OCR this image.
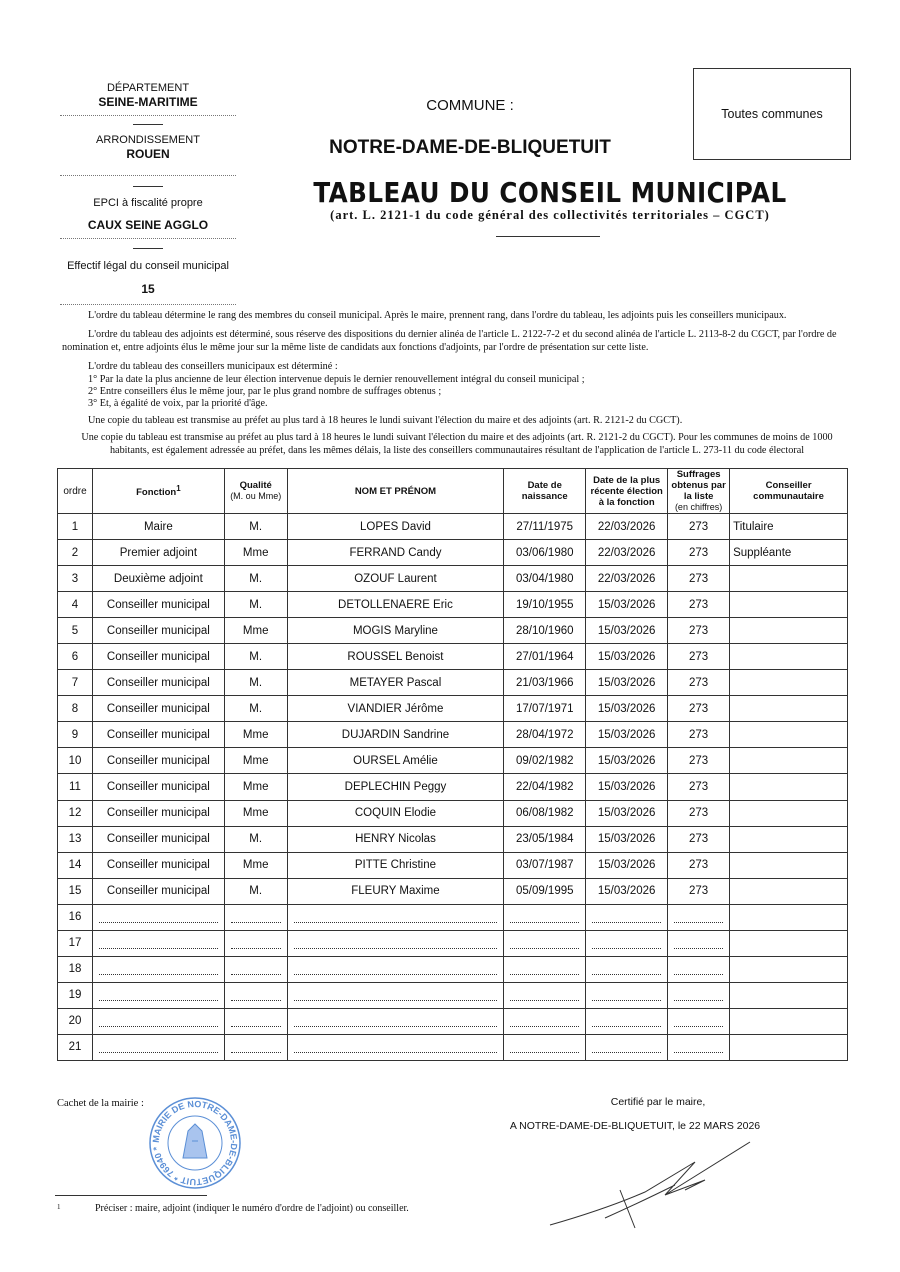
DÉPARTEMENT
SEINE-MARITIME
ARRONDISSEMENT
ROUEN
EPCI à fiscalité propre
CAUX SEINE AGGLO
Effectif légal du conseil municipal
15
COMMUNE :
NOTRE-DAME-DE-BLIQUETUIT
Toutes communes
TABLEAU DU CONSEIL MUNICIPAL
(art. L. 2121-1 du code général des collectivités territoriales – CGCT)
L'ordre du tableau détermine le rang des membres du conseil municipal. Après le maire, prennent rang, dans l'ordre du tableau, les adjoints puis les conseillers municipaux.
L'ordre du tableau des adjoints est déterminé, sous réserve des dispositions du dernier alinéa de l'article L. 2122-7-2 et du second alinéa de l'article L. 2113-8-2 du CGCT, par l'ordre de nomination et, entre adjoints élus le même jour sur la même liste de candidats aux fonctions d'adjoints, par l'ordre de présentation sur cette liste.
L'ordre du tableau des conseillers municipaux est déterminé :
1° Par la date la plus ancienne de leur élection intervenue depuis le dernier renouvellement intégral du conseil municipal ;
2° Entre conseillers élus le même jour, par le plus grand nombre de suffrages obtenus ;
3° Et, à égalité de voix, par la priorité d'âge.
Une copie du tableau est transmise au préfet au plus tard à 18 heures le lundi suivant l'élection du maire et des adjoints (art. R. 2121-2 du CGCT).
Une copie du tableau est transmise au préfet au plus tard à 18 heures le lundi suivant l'élection du maire et des adjoints (art. R. 2121-2 du CGCT). Pour les communes de moins de 1000 habitants, est également adressée au préfet, dans les mêmes délais, la liste des conseillers communautaires résultant de l'application de l'article L. 273-11 du code électoral
ordre	Fonction$^1$	Qualité
(M. ou Mme)	NOM ET PRÉNOM	Date de naissance	Date de la plus récente élection à la fonction	Suffrages obtenus par la liste
(en chiffres)	Conseiller communautaire
1	Maire	M.	LOPES David	27/11/1975	22/03/2026	273	Titulaire
2	Premier adjoint	Mme	FERRAND Candy	03/06/1980	22/03/2026	273	Suppléante
3	Deuxième adjoint	M.	OZOUF Laurent	03/04/1980	22/03/2026	273	
4	Conseiller municipal	M.	DETOLLENAERE Eric	19/10/1955	15/03/2026	273	
5	Conseiller municipal	Mme	MOGIS Maryline	28/10/1960	15/03/2026	273	
6	Conseiller municipal	M.	ROUSSEL Benoist	27/01/1964	15/03/2026	273	
7	Conseiller municipal	M.	METAYER Pascal	21/03/1966	15/03/2026	273	
8	Conseiller municipal	M.	VIANDIER Jérôme	17/07/1971	15/03/2026	273	
9	Conseiller municipal	Mme	DUJARDIN Sandrine	28/04/1972	15/03/2026	273	
10	Conseiller municipal	Mme	OURSEL Amélie	09/02/1982	15/03/2026	273	
11	Conseiller municipal	Mme	DEPLECHIN Peggy	22/04/1982	15/03/2026	273	
12	Conseiller municipal	Mme	COQUIN Elodie	06/08/1982	15/03/2026	273	
13	Conseiller municipal	M.	HENRY Nicolas	23/05/1984	15/03/2026	273	
14	Conseiller municipal	Mme	PITTE Christine	03/07/1987	15/03/2026	273	
15	Conseiller municipal	M.	FLEURY Maxime	05/09/1995	15/03/2026	273	
16	

17	

18	

19	

20	

21	

Cachet de la mairie :
MAIRIE DE NOTRE-DAME-DE-BLIQUETUIT * 76940 *
Certifié par le maire,
A NOTRE-DAME-DE-BLIQUETUIT, le 22 MARS 2026
1	Préciser : maire, adjoint (indiquer le numéro d'ordre de l'adjoint) ou conseiller.
